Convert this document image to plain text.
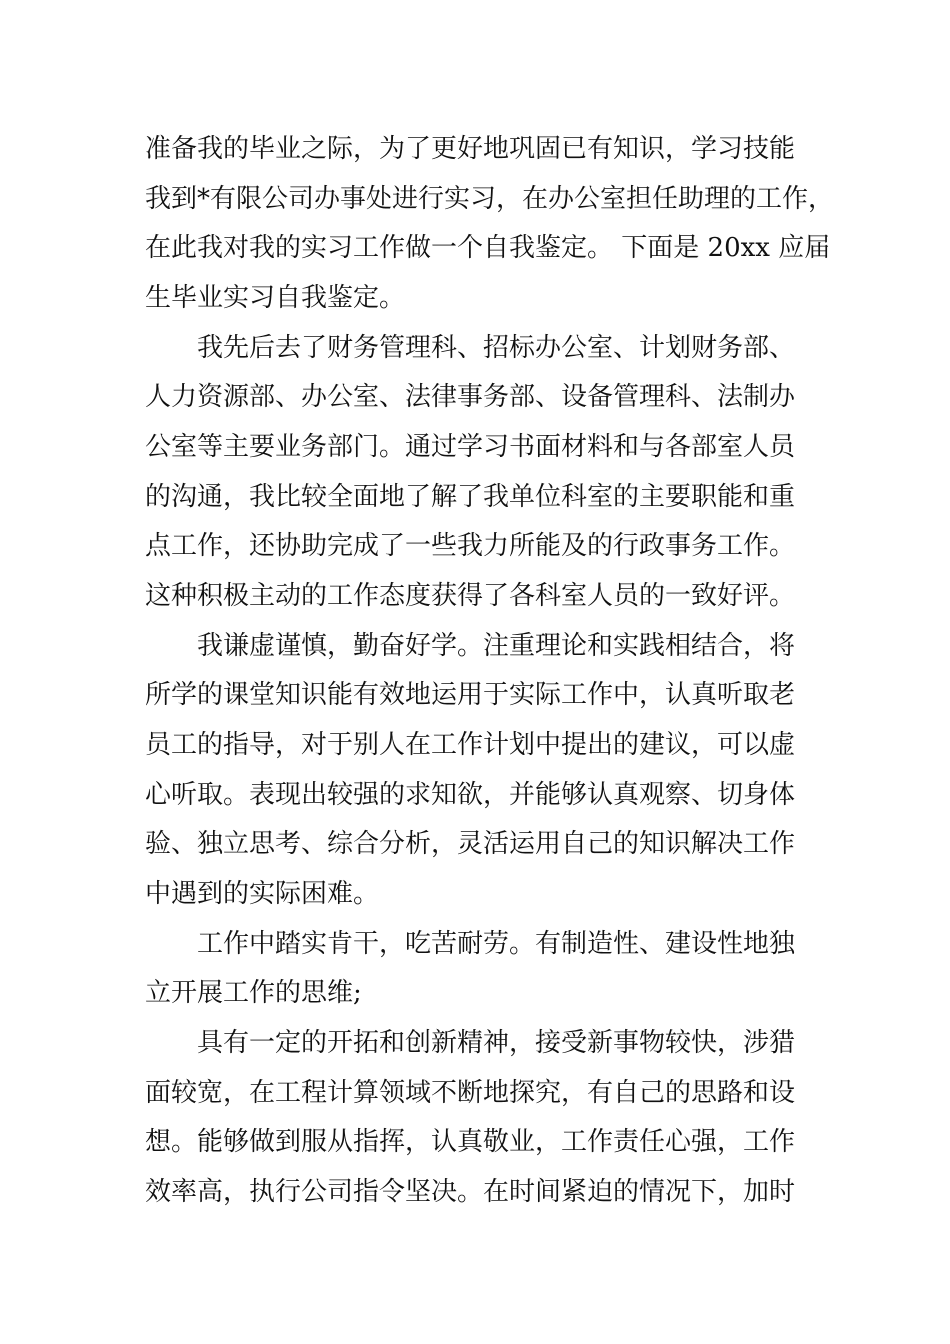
准备我的毕业之际，为了更好地巩固已有知识，学习技能

我到*有限公司办事处进行实习，在办公室担任助理的工作，

在此我对我的实习工作做一个自我鉴定。 下面是 20xx 应届

生毕业实习自我鉴定。

我先后去了财务管理科、招标办公室、计划财务部、

人力资源部、办公室、法律事务部、设备管理科、法制办

公室等主要业务部门。通过学习书面材料和与各部室人员

的沟通，我比较全面地了解了我单位科室的主要职能和重

点工作，还协助完成了一些我力所能及的行政事务工作。

这种积极主动的工作态度获得了各科室人员的一致好评。

我谦虚谨慎，勤奋好学。注重理论和实践相结合，将

所学的课堂知识能有效地运用于实际工作中，认真听取老

员工的指导，对于别人在工作计划中提出的建议，可以虚

心听取。表现出较强的求知欲，并能够认真观察、切身体

验、独立思考、综合分析，灵活运用自己的知识解决工作

中遇到的实际困难。

工作中踏实肯干，吃苦耐劳。有制造性、建设性地独

立开展工作的思维;

具有一定的开拓和创新精神，接受新事物较快，涉猎

面较宽，在工程计算领域不断地探究，有自己的思路和设

想。能够做到服从指挥，认真敬业，工作责任心强，工作

效率高，执行公司指令坚决。在时间紧迫的情况下，加时
